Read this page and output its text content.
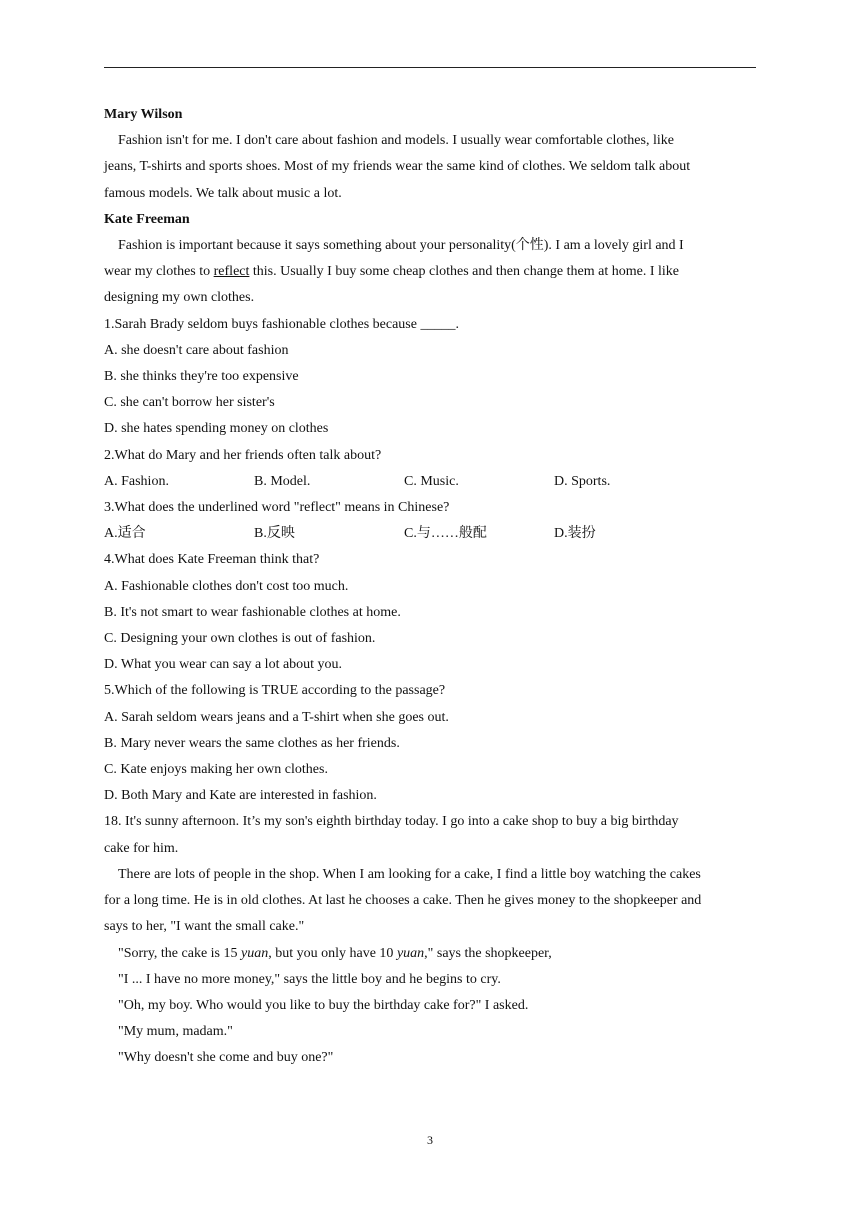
Mary Wilson
Fashion isn't for me. I don't care about fashion and models. I usually wear comfortable clothes, like
jeans, T-shirts and sports shoes. Most of my friends wear the same kind of clothes. We seldom talk about
famous models. We talk about music a lot.
Kate Freeman
Fashion is important because it says something about your personality(个性). I am a lovely girl and I
wear my clothes to reflect this. Usually I buy some cheap clothes and then change them at home. I like
designing my own clothes.
1.Sarah Brady seldom buys fashionable clothes because _____.
A. she doesn't care about fashion
B. she thinks they're too expensive
C. she can't borrow her sister's
D. she hates spending money on clothes
2.What do Mary and her friends often talk about?
A. Fashion.	B. Model.	C. Music.	D. Sports.
3.What does the underlined word "reflect" means in Chinese?
A.适合	B.反映	C.与……般配	D.装扮
4.What does Kate Freeman think that?
A. Fashionable clothes don't cost too much.
B. It's not smart to wear fashionable clothes at home.
C. Designing your own clothes is out of fashion.
D. What you wear can say a lot about you.
5.Which of the following is TRUE according to the passage?
A. Sarah seldom wears jeans and a T-shirt when she goes out.
B. Mary never wears the same clothes as her friends.
C. Kate enjoys making her own clothes.
D. Both Mary and Kate are interested in fashion.
18. It's sunny afternoon. It’s my son's eighth birthday today. I go into a cake shop to buy a big birthday
cake for him.
There are lots of people in the shop. When I am looking for a cake, I find a little boy watching the cakes
for a long time. He is in old clothes. At last he chooses a cake. Then he gives money to the shopkeeper and
says to her, "I want the small cake."
"Sorry, the cake is 15 yuan, but you only have 10 yuan," says the shopkeeper,
"I ... I have no more money," says the little boy and he begins to cry.
"Oh, my boy. Who would you like to buy the birthday cake for?" I asked.
"My mum, madam."
"Why doesn't she come and buy one?"
3
